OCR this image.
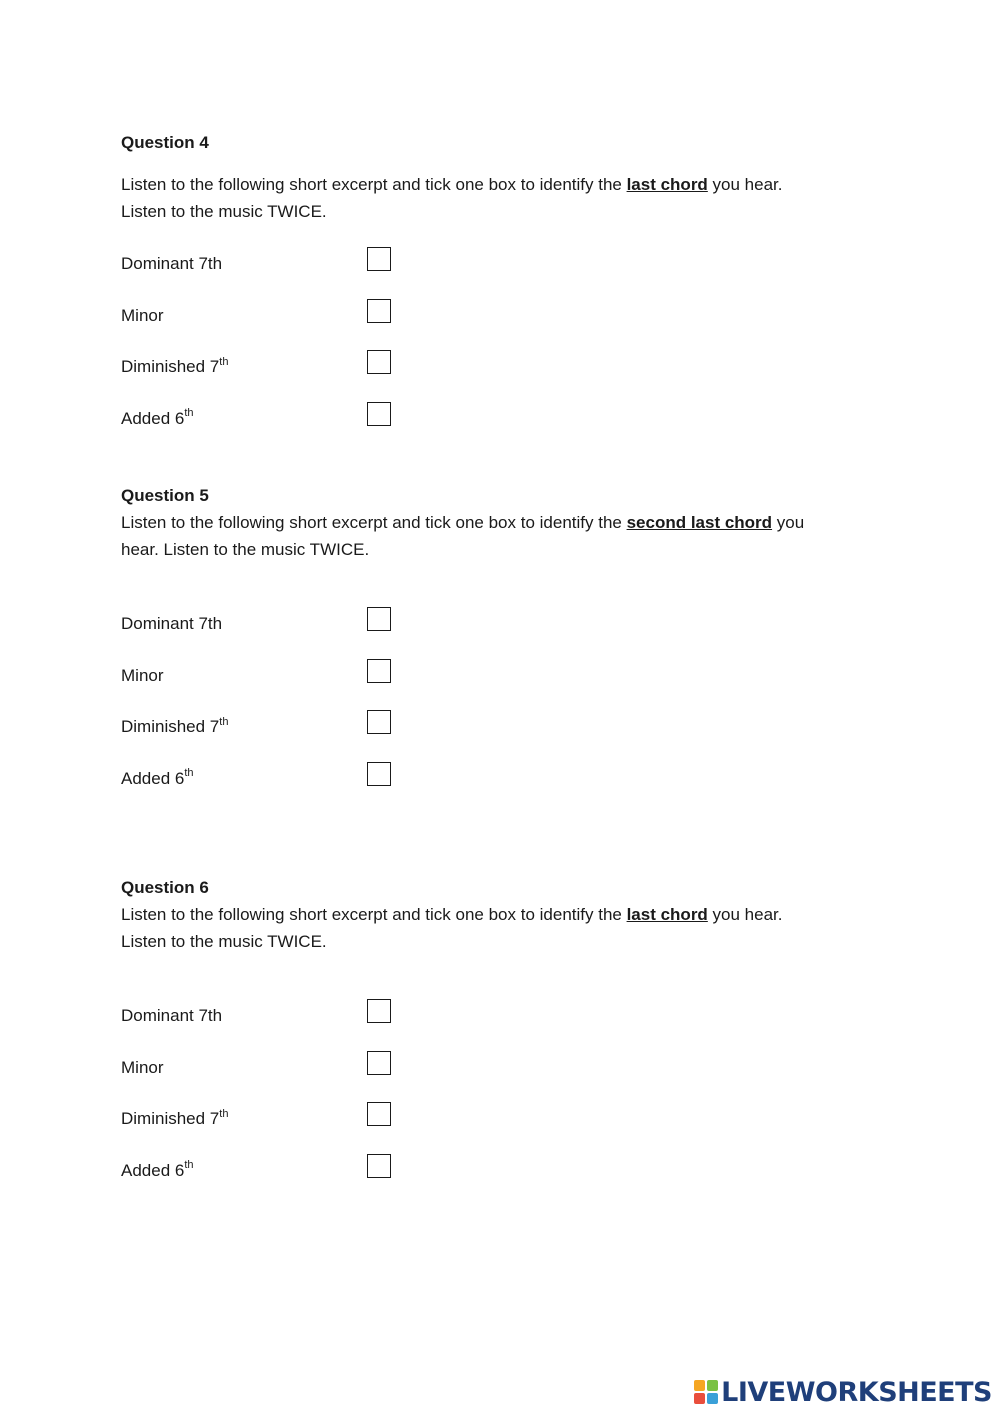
Question 4

Listen to the following short excerpt and tick one box to identify the last chord you hear.
Listen to the music TWICE.

Dominant 7th
Minor
Diminished 7th
Added 6th

Question 5

Listen to the following short excerpt and tick one box to identify the second last chord you
hear. Listen to the music TWICE.

Dominant 7th
Minor
Diminished 7th
Added 6th

Question 6

Listen to the following short excerpt and tick one box to identify the last chord you hear.
Listen to the music TWICE.

Dominant 7th
Minor
Diminished 7th
Added 6th
LIVEWORKSHEETS
